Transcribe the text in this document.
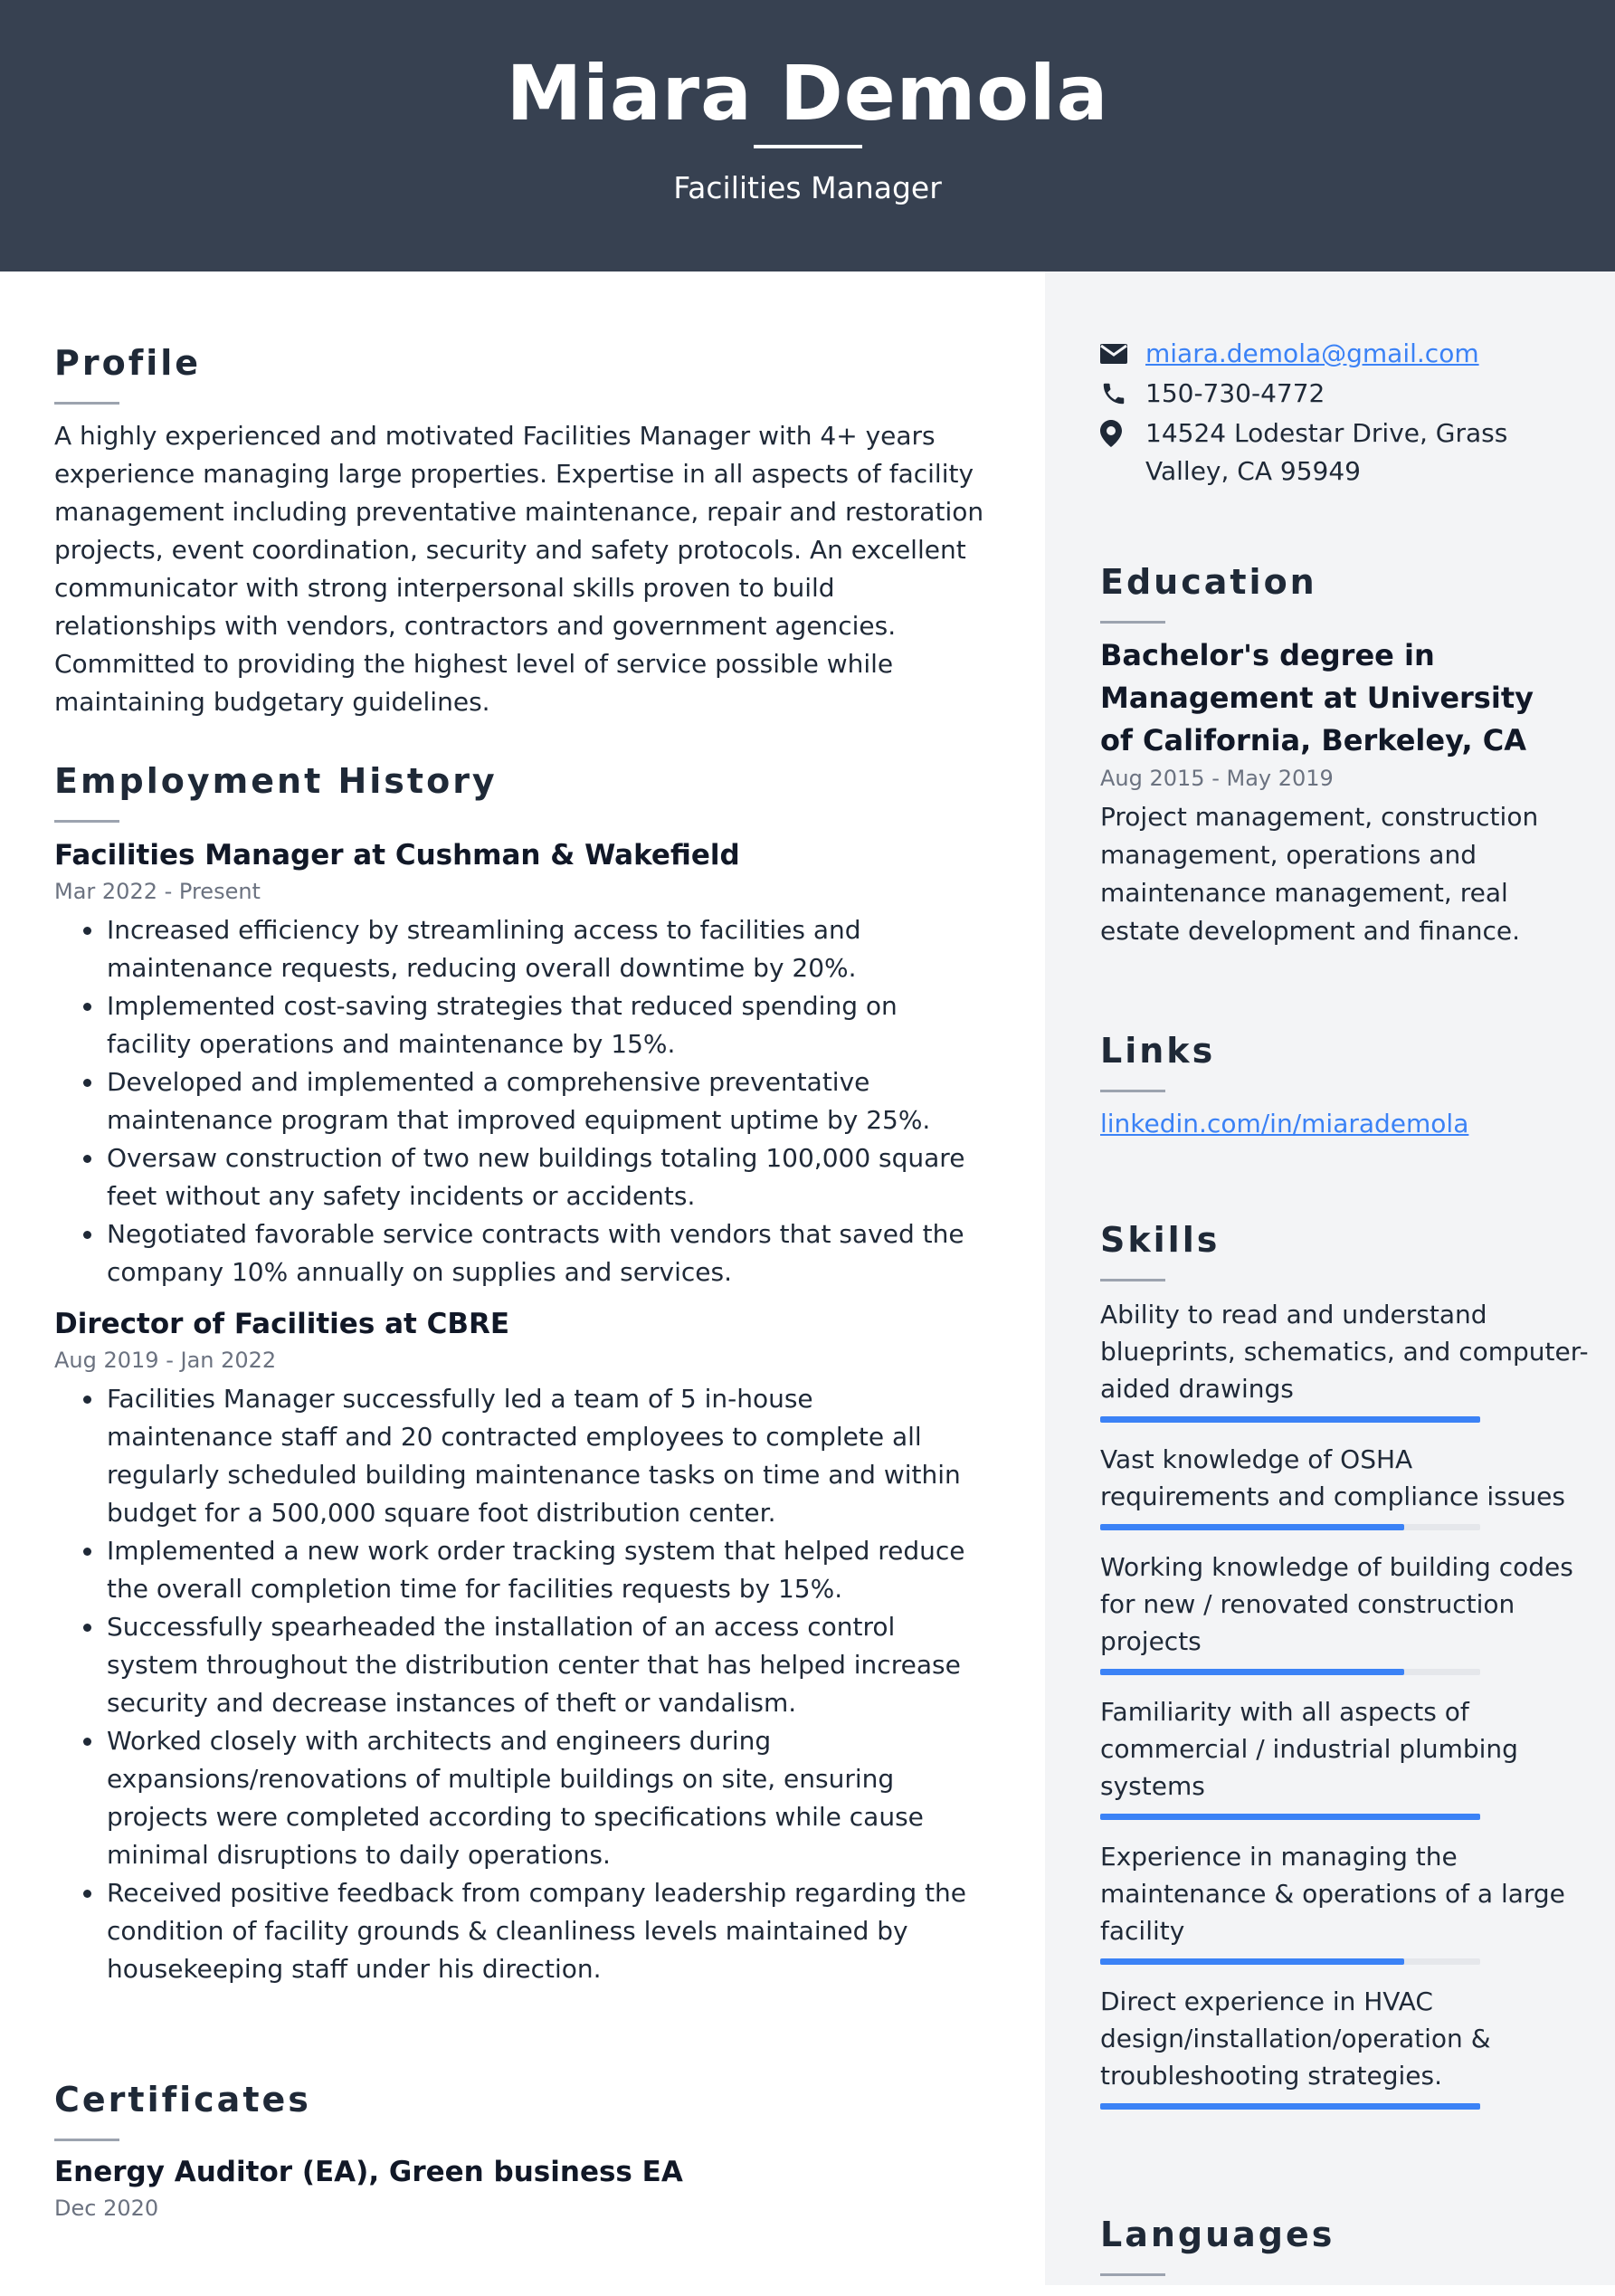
Miara Demola
Facilities Manager
Profile

A highly experienced and motivated Facilities Manager with 4+ years experience managing large properties. Expertise in all aspects of facility management including preventative maintenance, repair and restoration projects, event coordination, security and safety protocols. An excellent communicator with strong interpersonal skills proven to build relationships with vendors, contractors and government agencies. Committed to providing the highest level of service possible while maintaining budgetary guidelines.

Employment History
Facilities Manager at Cushman & Wakefield
Mar 2022 - Present
• Increased efficiency by streamlining access to facilities and maintenance requests, reducing overall downtime by 20%.
• Implemented cost-saving strategies that reduced spending on facility operations and maintenance by 15%.
• Developed and implemented a comprehensive preventative maintenance program that improved equipment uptime by 25%.
• Oversaw construction of two new buildings totaling 100,000 square feet without any safety incidents or accidents.
• Negotiated favorable service contracts with vendors that saved the company 10% annually on supplies and services.
Director of Facilities at CBRE
Aug 2019 - Jan 2022
• Facilities Manager successfully led a team of 5 in-house maintenance staff and 20 contracted employees to complete all regularly scheduled building maintenance tasks on time and within budget for a 500,000 square foot distribution center.
• Implemented a new work order tracking system that helped reduce the overall completion time for facilities requests by 15%.
• Successfully spearheaded the installation of an access control system throughout the distribution center that has helped increase security and decrease instances of theft or vandalism.
• Worked closely with architects and engineers during expansions/renovations of multiple buildings on site, ensuring projects were completed according to specifications while cause minimal disruptions to daily operations.
• Received positive feedback from company leadership regarding the condition of facility grounds & cleanliness levels maintained by housekeeping staff under his direction.
Certificates
Energy Auditor (EA), Green business EA
Dec 2020
miara.demola@gmail.com
150-730-4772
14524 Lodestar Drive, Grass Valley, CA 95949
Education
Bachelor's degree in Management at University of California, Berkeley, CA
Aug 2015 - May 2019

Project management, construction management, operations and maintenance management, real estate development and finance.

Links
linkedin.com/in/miarademola
Skills
Ability to read and understand blueprints, schematics, and computer-aided drawings
Vast knowledge of OSHA requirements and compliance issues
Working knowledge of building codes for new / renovated construction projects
Familiarity with all aspects of commercial / industrial plumbing systems
Experience in managing the maintenance & operations of a large facility
Direct experience in HVAC design/installation/operation & troubleshooting strategies.
Languages
